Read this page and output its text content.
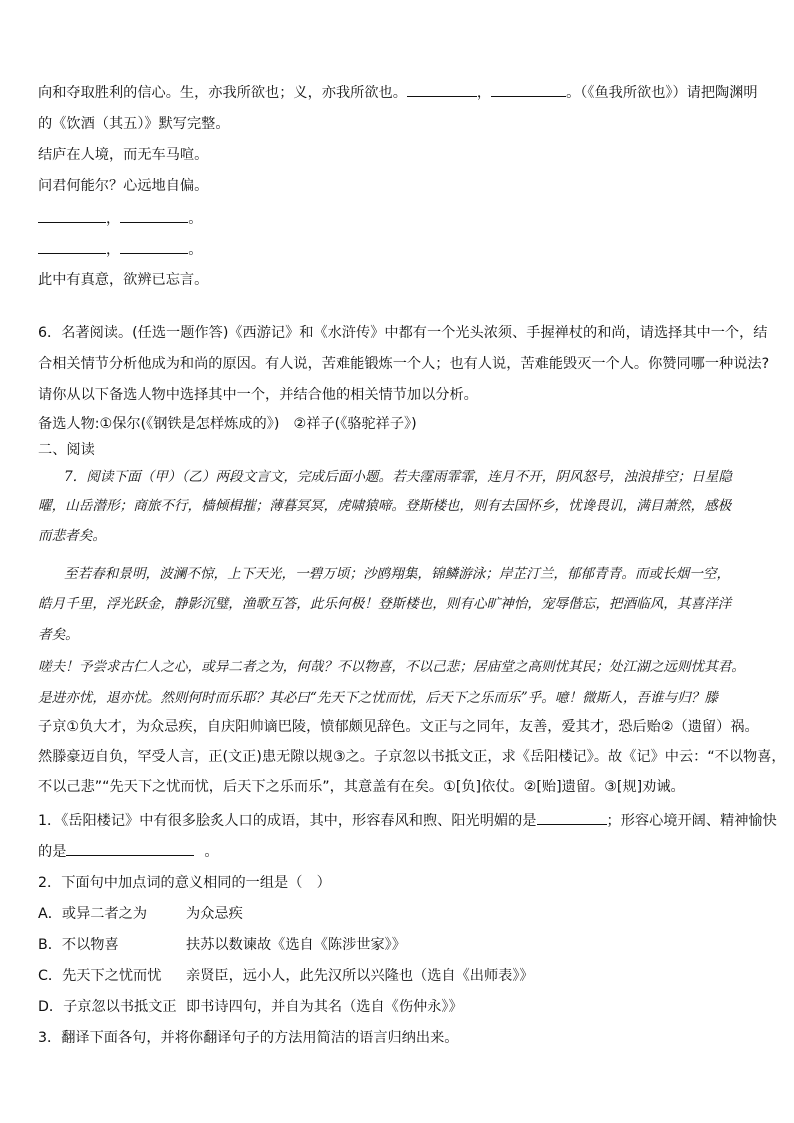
向和夺取胜利的信心。生，亦我所欲也；义，亦我所欲也。	，	。（《鱼我所欲也》）请把陶渊明
的《饮酒（其五）》默写完整。
结庐在人境，而无车马喧。
问君何能尔？心远地自偏。
，	。
，	。
此中有真意，欲辨已忘言。
6．名著阅读。(任选一题作答)《西游记》和《水浒传》中都有一个光头浓须、手握禅杖的和尚，请选择其中一个，结
合相关情节分析他成为和尚的原因。有人说，苦难能锻炼一个人；也有人说，苦难能毁灭一个人。你赞同哪一种说法?
请你从以下备选人物中选择其中一个，并结合他的相关情节加以分析。
备选人物:①保尔(《钢铁是怎样炼成的》)　②祥子(《骆驼祥子》)
二、阅读
7．阅读下面（甲）（乙）两段文言文，完成后面小题。若夫霪雨霏霏，连月不开，阴风怒号，浊浪排空；日星隐
曜，山岳潜形；商旅不行，樯倾楫摧；薄暮冥冥，虎啸猿啼。登斯楼也，则有去国怀乡，忧谗畏讥，满目萧然，感极
而悲者矣。
至若春和景明，波澜不惊，上下天光，一碧万顷；沙鸥翔集，锦鳞游泳；岸芷汀兰，郁郁青青。而或长烟一空，
皓月千里，浮光跃金，静影沉璧，渔歌互答，此乐何极！登斯楼也，则有心旷神怡，宠辱偕忘，把酒临风，其喜洋洋
者矣。
嗟夫！予尝求古仁人之心，或异二者之为，何哉？不以物喜，不以己悲；居庙堂之高则忧其民；处江湖之远则忧其君。
是进亦忧，退亦忧。然则何时而乐耶？其必曰“先天下之忧而忧，后天下之乐而乐”乎。噫！微斯人，吾谁与归？滕
子京①负大才，为众忌疾，自庆阳帅谪巴陵，愤郁颇见辞色。文正与之同年，友善，爱其才，恐后贻②（遗留）祸。
然滕豪迈自负，罕受人言，正(文正)患无隙以规③之。子京忽以书抵文正，求《岳阳楼记》。故《记》中云：“不以物喜，
不以己悲”“先天下之忧而忧，后天下之乐而乐”，其意盖有在矣。①[负]依仗。②[贻]遗留。③[规]劝诫。
1．《岳阳楼记》中有很多脍炙人口的成语，其中，形容春风和煦、阳光明媚的是	；形容心境开阔、精神愉快
的是	。
2．下面句中加点词的意义相同的一组是（　）
A．或异二者之为	为众忌疾
B．不以物喜	扶苏以数谏故《选自《陈涉世家》》
C．先天下之忧而忧 亲贤臣，远小人，此先汉所以兴隆也（选自《出师表》》
D．子京忽以书抵文正 即书诗四句，并自为其名（选自《伤仲永》》
3．翻译下面各句，并将你翻译句子的方法用简洁的语言归纳出来。
